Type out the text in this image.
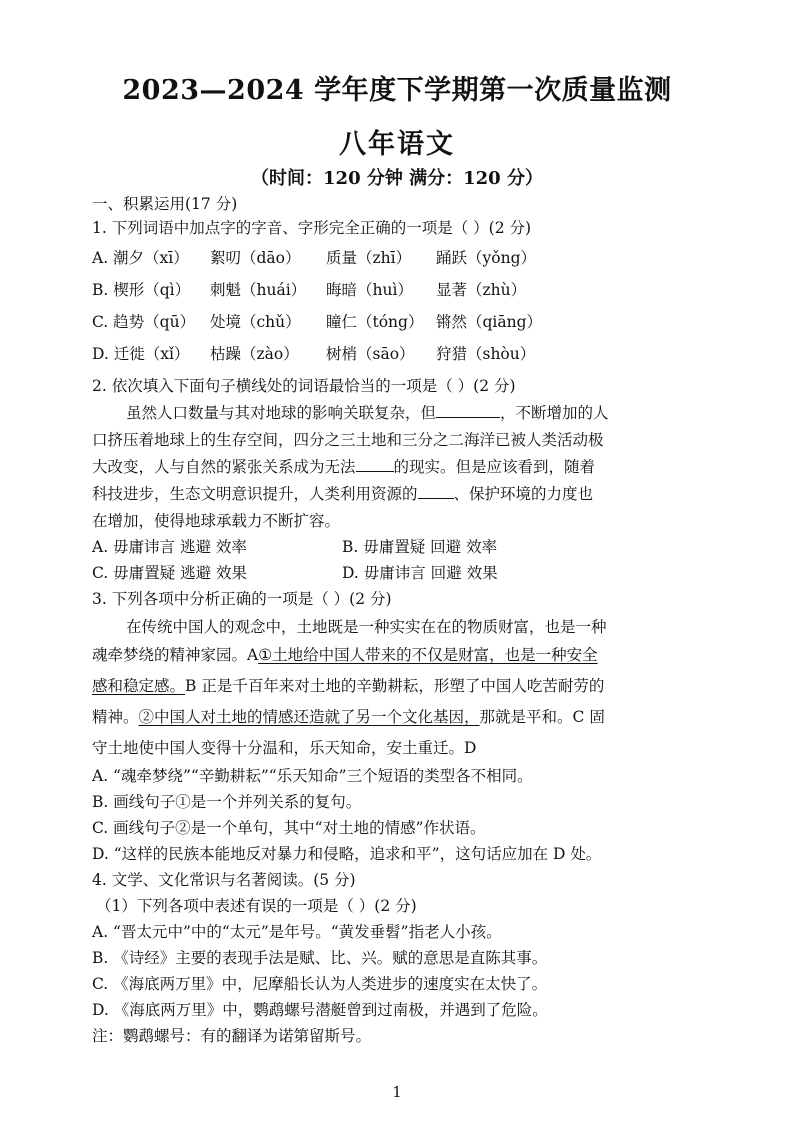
2023—2024 学年度下学期第一次质量监测
八年语文
（时间：120 分钟 满分：120 分）
一、积累运用(17 分)
1. 下列词语中加点字的字音、字形完全正确的一项是（ ）(2 分)
A. 潮夕（xī） 絮叨（dāo） 质量（zhī） 踊跃（yǒng）
B. 楔形（qì） 刺魁（huái） 晦暗（huì） 显著（zhù）
C. 趋势（qū） 处境（chǔ） 瞳仁（tóng） 锵然（qiāng）
D. 迁徙（xǐ） 枯躁（zào） 树梢（sāo） 狩猎（shòu）
2. 依次填入下面句子横线处的词语最恰当的一项是（ ）(2 分)
虽然人口数量与其对地球的影响关联复杂，但	，不断增加的人
口挤压着地球上的生存空间，四分之三土地和三分之二海洋已被人类活动极
大改变，人与自然的紧张关系成为无法 的现实。但是应该看到，随着
科技进步，生态文明意识提升，人类利用资源的 、保护环境的力度也
在增加，使得地球承载力不断扩容。
A. 毋庸讳言 逃避 效率	B. 毋庸置疑 回避 效率
C. 毋庸置疑 逃避 效果	D. 毋庸讳言 回避 效果
3. 下列各项中分析正确的一项是（ ）(2 分)
在传统中国人的观念中，土地既是一种实实在在的物质财富，也是一种
魂牵梦绕的精神家园。A①土地给中国人带来的不仅是财富，也是一种安全
感和稳定感。B 正是千百年来对土地的辛勤耕耘，形塑了中国人吃苦耐劳的
精神。②中国人对土地的情感还造就了另一个文化基因，那就是平和。C 固
守土地使中国人变得十分温和，乐天知命，安土重迁。D
A. “魂牵梦绕”“辛勤耕耘”“乐天知命”三个短语的类型各不相同。
B. 画线句子①是一个并列关系的复句。
C. 画线句子②是一个单句，其中“对土地的情感”作状语。
D. “这样的民族本能地反对暴力和侵略，追求和平”，这句话应加在 D 处。
4. 文学、文化常识与名著阅读。(5 分)
（1）下列各项中表述有误的一项是（ ）(2 分)
A. “晋太元中”中的“太元”是年号。“黄发垂髫”指老人小孩。
B. 《诗经》主要的表现手法是赋、比、兴。赋的意思是直陈其事。
C. 《海底两万里》中，尼摩船长认为人类进步的速度实在太快了。
D. 《海底两万里》中，鹦鹉螺号潜艇曾到过南极，并遇到了危险。
注：鹦鹉螺号：有的翻译为诺第留斯号。
1
